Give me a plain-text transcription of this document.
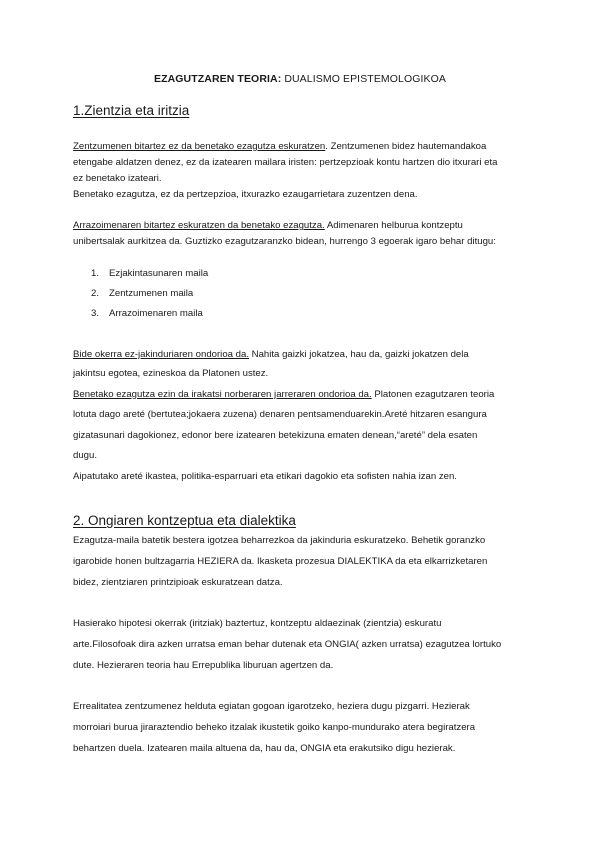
EZAGUTZAREN TEORIA: DUALISMO EPISTEMOLOGIKOA
1.Zientzia eta iritzia
Zentzumenen bitartez ez da benetako ezagutza eskuratzen. Zentzumenen bidez hautemandakoa
etengabe aldatzen denez, ez da izatearen mailara iristen: pertzepzioak kontu hartzen dio itxurari eta
ez benetako izateari.
Benetako ezagutza, ez da pertzepzioa, itxurazko ezaugarrietara zuzentzen dena.
Arrazoimenaren bitartez eskuratzen da benetako ezagutza. Adimenaren helburua kontzeptu
unibertsalak aurkitzea da. Guztizko ezagutzaranzko bidean, hurrengo 3 egoerak igaro behar ditugu:
1. Ezjakintasunaren maila
2. Zentzumenen maila
3. Arrazoimenaren maila
Bide okerra ez-jakinduriaren ondorioa da. Nahita gaizki jokatzea, hau da, gaizki jokatzen dela
jakintsu egotea, ezineskoa da Platonen ustez.
Benetako ezagutza ezin da irakatsi norberaren jarreraren ondorioa da. Platonen ezagutzaren teoria
lotuta dago areté (bertutea;jokaera zuzena) denaren pentsamenduarekin.Areté hitzaren esangura
gizatasunari dagokionez, edonor bere izatearen betekizuna ematen denean,“areté” dela esaten
dugu.
Aipatutako areté ikastea, politika-esparruari eta etikari dagokio eta sofisten nahia izan zen.
2. Ongiaren kontzeptua eta dialektika
Ezagutza-maila batetik bestera igotzea beharrezkoa da jakinduria eskuratzeko. Behetik goranzko
igarobide honen bultzagarria HEZIERA da. Ikasketa prozesua DIALEKTIKA da eta elkarrizketaren
bidez, zientziaren printzipioak eskuratzean datza.
Hasierako hipotesi okerrak (iritziak) baztertuz, kontzeptu aldaezinak (zientzia) eskuratu
arte.Filosofoak dira azken urratsa eman behar dutenak eta ONGIA( azken urratsa) ezagutzea lortuko
dute. Hezieraren teoria hau Errepublika liburuan agertzen da.
Errealitatea zentzumenez helduta egiatan gogoan igarotzeko, heziera dugu pizgarri. Hezierak
morroiari burua jiraraztendio beheko itzalak ikustetik goiko kanpo-mundurako atera begiratzera
behartzen duela. Izatearen maila altuena da, hau da, ONGIA eta erakutsiko digu hezierak.
